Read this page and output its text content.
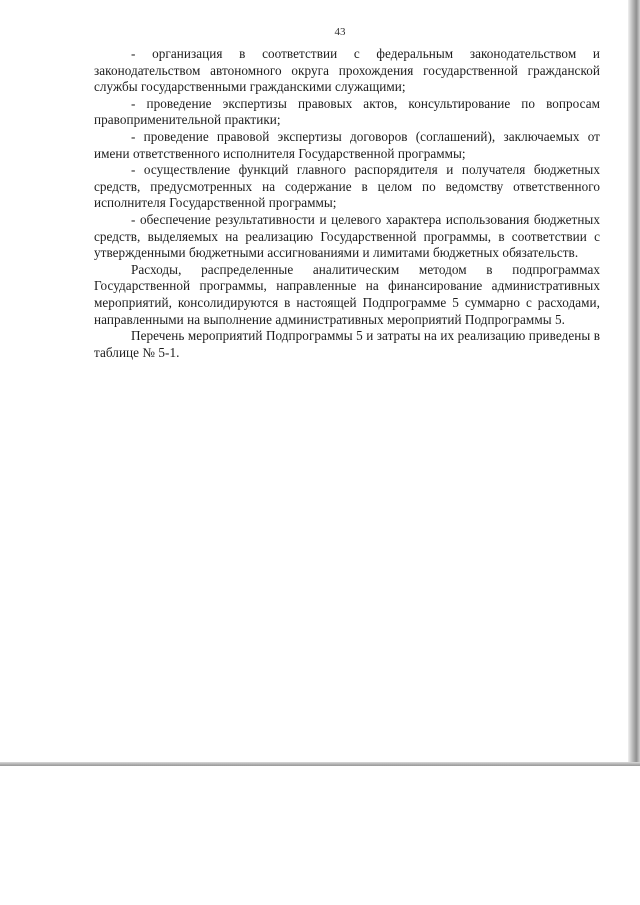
43

- организация в соответствии с федеральным законодательством и законодательством автономного округа прохождения государственной гражданской службы государственными гражданскими служащими;

- проведение экспертизы правовых актов, консультирование по вопросам правоприменительной практики;

- проведение правовой экспертизы договоров (соглашений), заключаемых от имени ответственного исполнителя Государственной программы;

- осуществление функций главного распорядителя и получателя бюджетных средств, предусмотренных на содержание в целом по ведомству ответственного исполнителя Государственной программы;

- обеспечение результативности и целевого характера использования бюджетных средств, выделяемых на реализацию Государственной программы, в соответствии с утвержденными бюджетными ассигнованиями и лимитами бюджетных обязательств.

Расходы, распределенные аналитическим методом в подпрограммах Государственной программы, направленные на финансирование административных мероприятий, консолидируются в настоящей Подпрограмме 5 суммарно с расходами, направленными на выполнение административных мероприятий Подпрограммы 5.

Перечень мероприятий Подпрограммы 5 и затраты на их реализацию приведены в таблице № 5-1.
